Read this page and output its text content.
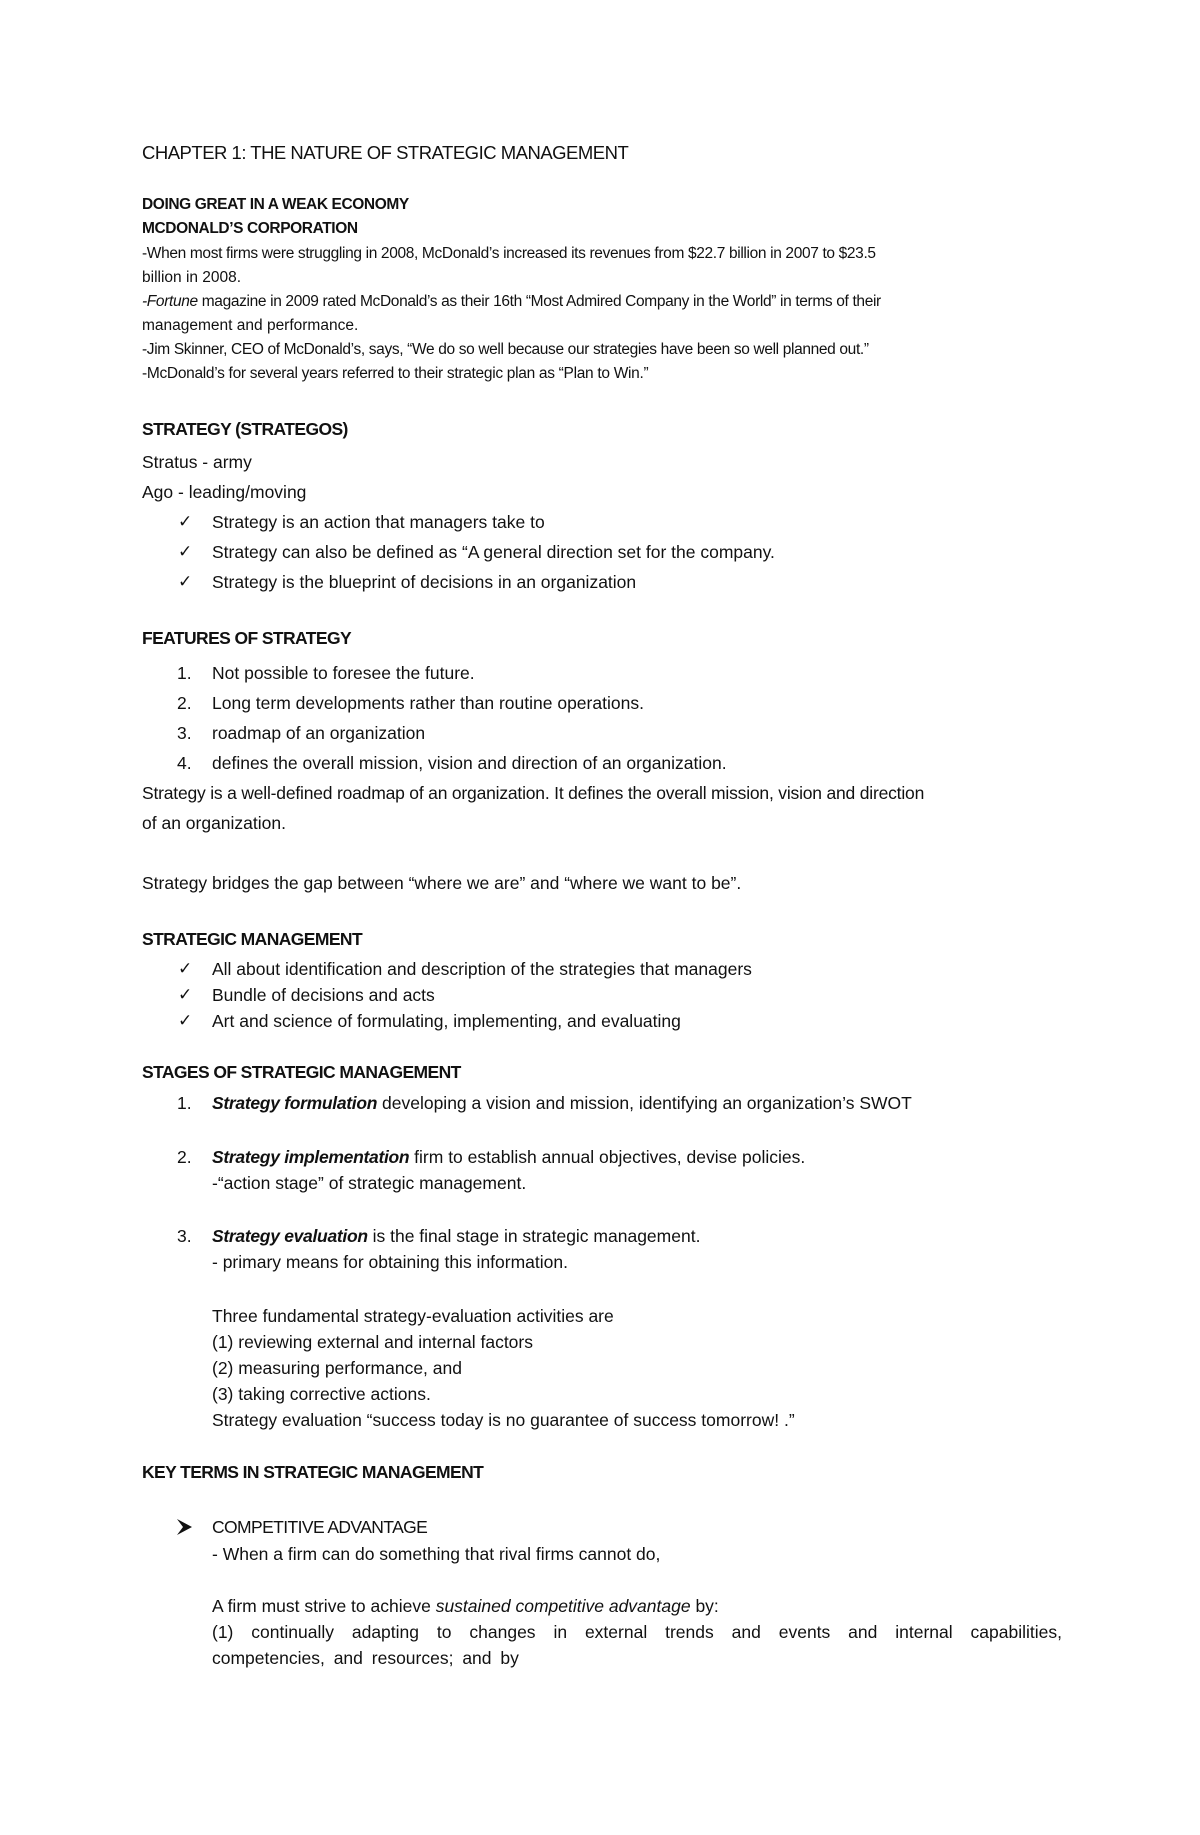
CHAPTER 1: THE NATURE OF STRATEGIC MANAGEMENT
DOING GREAT IN A WEAK ECONOMY
MCDONALD’S CORPORATION
-When most firms were struggling in 2008, McDonald’s increased its revenues from $22.7 billion in 2007 to $23.5
billion in 2008.
-Fortune magazine in 2009 rated McDonald’s as their 16th “Most Admired Company in the World” in terms of their
management and performance.
-Jim Skinner, CEO of McDonald’s, says, “We do so well because our strategies have been so well planned out.”
-McDonald’s for several years referred to their strategic plan as “Plan to Win.”
STRATEGY (STRATEGOS)
Stratus - army
Ago - leading/moving
✓ Strategy is an action that managers take to
✓ Strategy can also be defined as “A general direction set for the company.
✓ Strategy is the blueprint of decisions in an organization
FEATURES OF STRATEGY
1. Not possible to foresee the future.
2. Long term developments rather than routine operations.
3. roadmap of an organization
4. defines the overall mission, vision and direction of an organization.
Strategy is a well-defined roadmap of an organization. It defines the overall mission, vision and direction
of an organization.
Strategy bridges the gap between “where we are” and “where we want to be”.
STRATEGIC MANAGEMENT
✓ All about identification and description of the strategies that managers
✓ Bundle of decisions and acts
✓ Art and science of formulating, implementing, and evaluating
STAGES OF STRATEGIC MANAGEMENT
1. Strategy formulation developing a vision and mission, identifying an organization’s SWOT
2. Strategy implementation firm to establish annual objectives, devise policies.
-“action stage” of strategic management.
3. Strategy evaluation is the final stage in strategic management.
- primary means for obtaining this information.
Three fundamental strategy-evaluation activities are
(1) reviewing external and internal factors
(2) measuring performance, and
(3) taking corrective actions.
Strategy evaluation “success today is no guarantee of success tomorrow! .”
KEY TERMS IN STRATEGIC MANAGEMENT
COMPETITIVE ADVANTAGE
- When a firm can do something that rival firms cannot do,
A firm must strive to achieve sustained competitive advantage by:
(1) continually adapting to changes in external trends and events and internal capabilities, competencies, and resources; and by
